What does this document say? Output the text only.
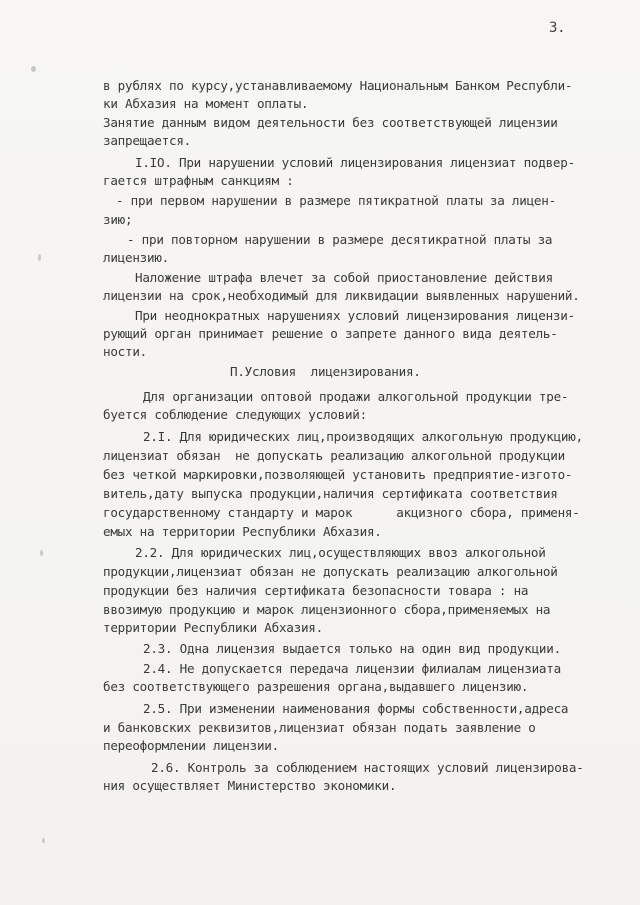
3.
в рублях по курсу,устанавливаемому Национальным Банком Республи-
ки Абхазия на момент оплаты.
Занятие данным видом деятельности без соответствующей лицензии
запрещается.
I.IO. При нарушении условий лицензирования лицензиат подвер-
гается штрафным санкциям :
- при первом нарушении в размере пятикратной платы за лицен-
зию;
- при повторном нарушении в размере десятикратной платы за
лицензию.
Наложение штрафа влечет за собой приостановление действия
лицензии на срок,необходимый для ликвидации выявленных нарушений.
При неоднократных нарушениях условий лицензирования лицензи-
рующий орган принимает решение о запрете данного вида деятель-
ности.
П.Условия  лицензирования.
Для организации оптовой продажи алкогольной продукции тре-
буется соблюдение следующих условий:
2.I. Для юридических лиц,производящих алкогольную продукцию,
лицензиат обязан  не допускать реализацию алкогольной продукции
без четкой маркировки,позволяющей установить предприятие-изгото-
витель,дату выпуска продукции,наличия сертификата соответствия
государственному стандарту и марок      акцизного сбора, применя-
емых на территории Республики Абхазия.
2.2. Для юридических лиц,осуществляющих ввоз алкогольной
продукции,лицензиат обязан не допускать реализацию алкогольной
продукции без наличия сертификата безопасности товара : на
ввозимую продукцию и марок лицензионного сбора,применяемых на
территории Республики Абхазия.
2.3. Одна лицензия выдается только на один вид продукции.
2.4. Не допускается передача лицензии филиалам лицензиата
без соответствующего разрешения органа,выдавшего лицензию.
2.5. При изменении наименования формы собственности,адреса
и банковских реквизитов,лицензиат обязан подать заявление о
переоформлении лицензии.
2.6. Контроль за соблюдением настоящих условий лицензирова-
ния осуществляет Министерство экономики.
